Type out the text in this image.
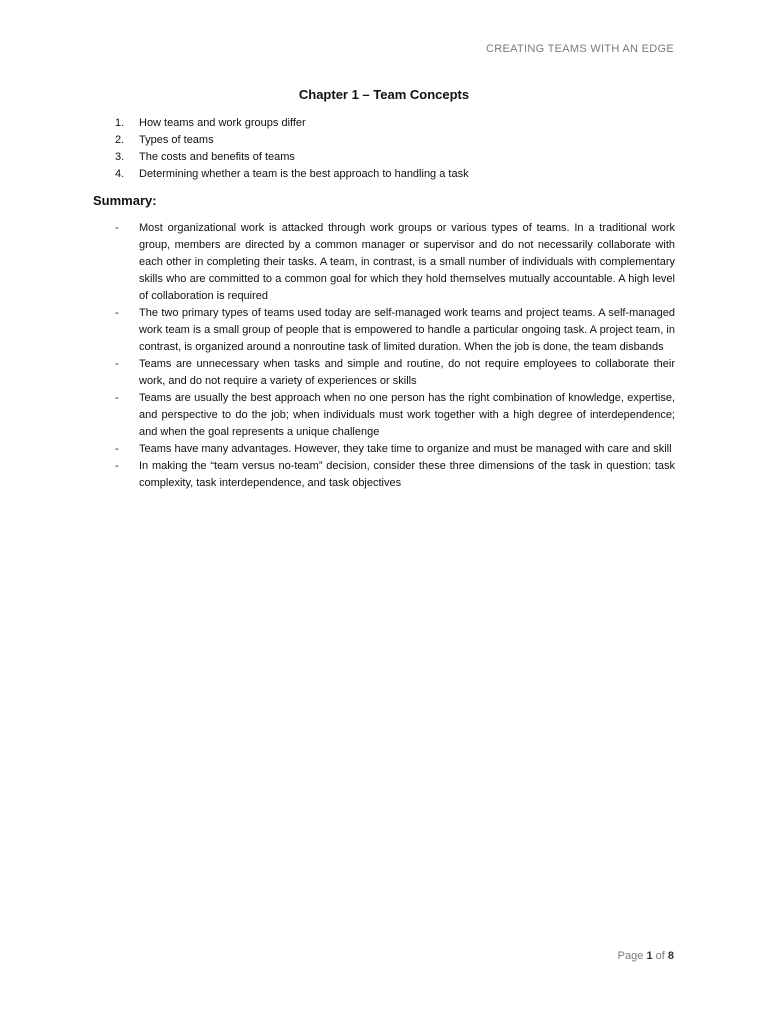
CREATING TEAMS WITH AN EDGE
Chapter 1 – Team Concepts
1. How teams and work groups differ
2. Types of teams
3. The costs and benefits of teams
4. Determining whether a team is the best approach to handling a task
Summary:
- Most organizational work is attacked through work groups or various types of teams. In a traditional work group, members are directed by a common manager or supervisor and do not necessarily collaborate with each other in completing their tasks. A team, in contrast, is a small number of individuals with complementary skills who are committed to a common goal for which they hold themselves mutually accountable. A high level of collaboration is required
- The two primary types of teams used today are self-managed work teams and project teams. A self-managed work team is a small group of people that is empowered to handle a particular ongoing task. A project team, in contrast, is organized around a nonroutine task of limited duration. When the job is done, the team disbands
- Teams are unnecessary when tasks and simple and routine, do not require employees to collaborate their work, and do not require a variety of experiences or skills
- Teams are usually the best approach when no one person has the right combination of knowledge, expertise, and perspective to do the job; when individuals must work together with a high degree of interdependence; and when the goal represents a unique challenge
- Teams have many advantages. However, they take time to organize and must be managed with care and skill
- In making the “team versus no-team” decision, consider these three dimensions of the task in question: task complexity, task interdependence, and task objectives
Page 1 of 8
